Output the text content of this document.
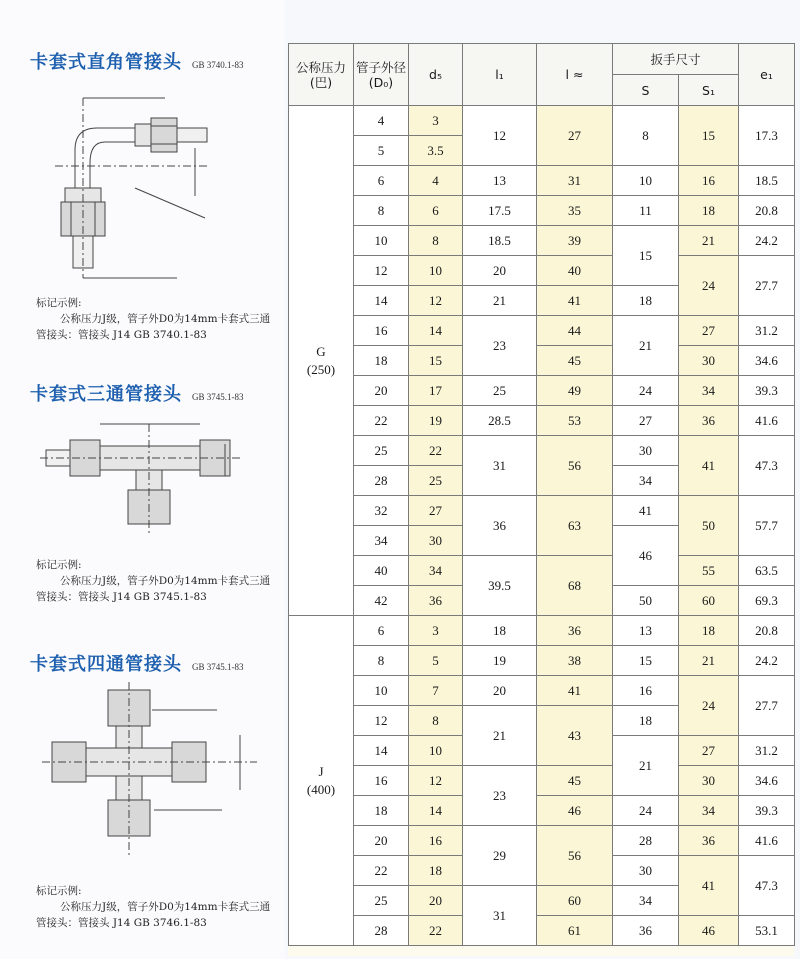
卡套式直角管接头 GB 3740.1-83
标记示例:
公称压力J级，管子外D0为14mm卡套式三通
管接头：管接头 J14 GB 3740.1-83
卡套式三通管接头 GB 3745.1-83
标记示例:
公称压力J级，管子外D0为14mm卡套式三通
管接头：管接头 J14 GB 3745.1-83
卡套式四通管接头 GB 3745.1-83
标记示例:
公称压力J级，管子外D0为14mm卡套式三通
管接头：管接头 J14 GB 3746.1-83
公称压力(巴)	管子外径(D₀)	d₅	l₁	l ≈	扳手尺寸		e₁
					S	S₁	
G
(250)	4	3	12	27	8	15	17.3
	5	3.5					
	6	4	13	31	10	16	18.5
	8	6	17.5	35	11	18	20.8
	10	8	18.5	39	15	21	24.2
	12	10	20	40		24	27.7
	14	12	21	41	18		
	16	14	23	44	21	27	31.2
	18	15		45		30	34.6
	20	17	25	49	24	34	39.3
	22	19	28.5	53	27	36	41.6
	25	22	31	56	30	41	47.3
	28	25			34		
	32	27	36	63	41	50	57.7
	34	30			46		
	40	34	39.5	68		55	63.5
	42	36			50	60	69.3
J
(400)	6	3	18	36	13	18	20.8
	8	5	19	38	15	21	24.2
	10	7	20	41	16	24	27.7
	12	8	21	43	18		
	14	10			21	27	31.2
	16	12	23	45		30	34.6
	18	14		46	24	34	39.3
	20	16	29	56	28	36	41.6
	22	18			30	41	47.3
	25	20	31	60	34		
	28	22		61	36	46	53.1
